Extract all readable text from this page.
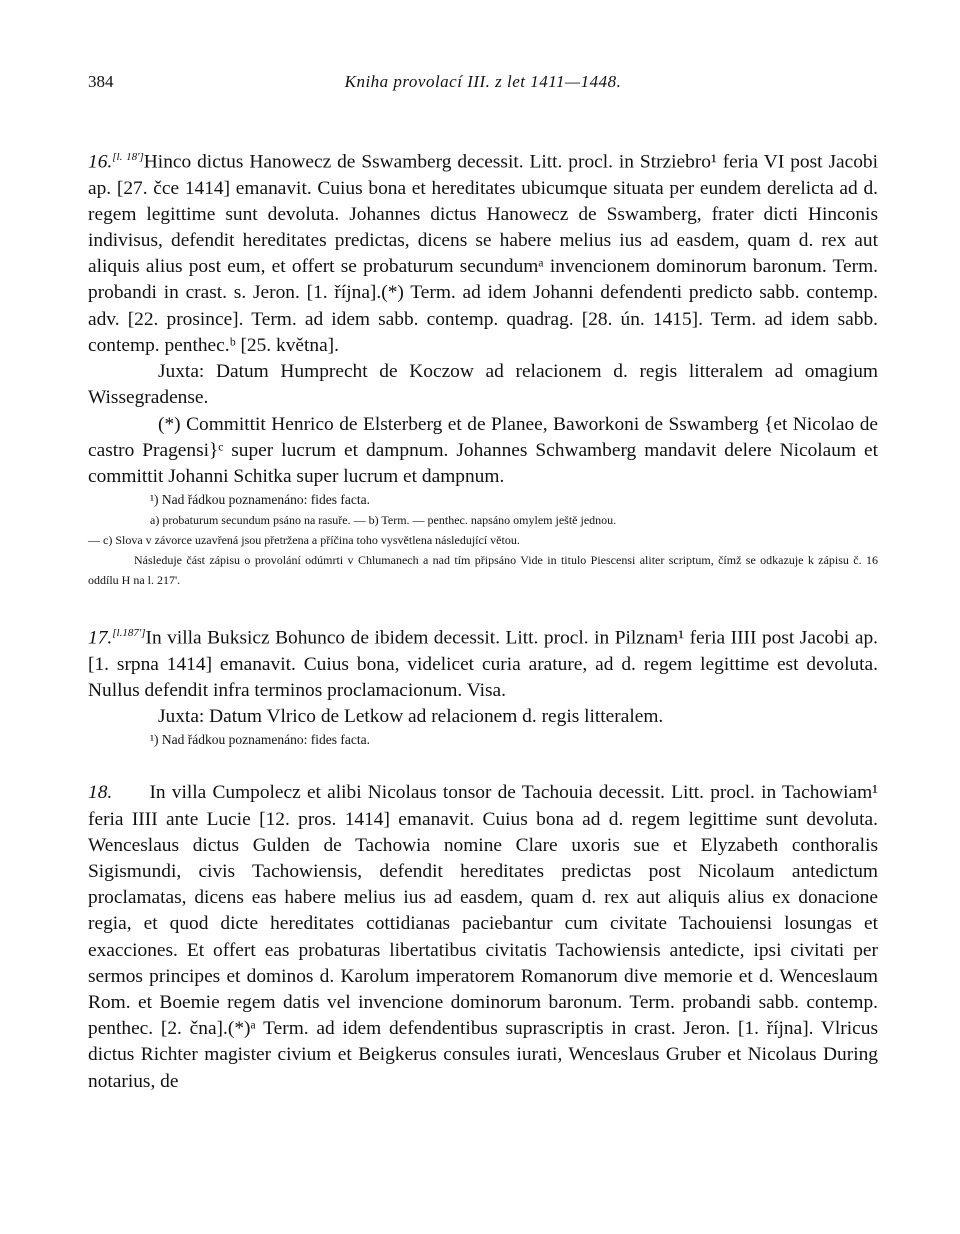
384	Kniha provolací III. z let 1411—1448.

16.[l. 18']Hinco dictus Hanowecz de Sswamberg decessit. Litt. procl. in Strziebro¹ feria VI post Jacobi ap. [27. čce 1414] emanavit. Cuius bona et hereditates ubicumque situata per eundem derelicta ad d. regem legittime sunt devoluta. Johannes dictus Hanowecz de Sswamberg, frater dicti Hinconis indivisus, defendit hereditates predictas, dicens se habere melius ius ad easdem, quam d. rex aut aliquis alius post eum, et offert se probaturum secundumᵃ invencionem dominorum baronum. Term. probandi in crast. s. Jeron. [1. října].(*) Term. ad idem Johanni defendenti predicto sabb. contemp. adv. [22. prosince]. Term. ad idem sabb. contemp. quadrag. [28. ún. 1415]. Term. ad idem sabb. contemp. penthec.ᵇ [25. května].

Juxta: Datum Humprecht de Koczow ad relacionem d. regis litteralem ad omagium Wissegradense.

(*) Committit Henrico de Elsterberg et de Planee, Baworkoni de Sswamberg {et Nicolao de castro Pragensi}ᶜ super lucrum et dampnum. Johannes Schwamberg mandavit delere Nicolaum et committit Johanni Schitka super lucrum et dampnum.

¹) Nad řádkou poznamenáno: fides facta.

a) probaturum secundum psáno na rasuře. — b) Term. — penthec. napsáno omylem ještě jednou.

— c) Slova v závorce uzavřená jsou přetržena a příčina toho vysvětlena následující větou.

Následuje část zápisu o provolání odúmrti v Chlumanech a nad tím připsáno Vide in titulo Piescensi aliter scriptum, čímž se odkazuje k zápisu č. 16 oddílu H na l. 217'.

17.[l.187']In villa Buksicz Bohunco de ibidem decessit. Litt. procl. in Pilznam¹ feria IIII post Jacobi ap. [1. srpna 1414] emanavit. Cuius bona, videlicet curia arature, ad d. regem legittime est devoluta. Nullus defendit infra terminos proclamacionum. Visa.

Juxta: Datum Vlrico de Letkow ad relacionem d. regis litteralem.

¹) Nad řádkou poznamenáno: fides facta.

18. In villa Cumpolecz et alibi Nicolaus tonsor de Tachouia decessit. Litt. procl. in Tachowiam¹ feria IIII ante Lucie [12. pros. 1414] emanavit. Cuius bona ad d. regem legittime sunt devoluta. Wenceslaus dictus Gulden de Tachowia nomine Clare uxoris sue et Elyzabeth conthoralis Sigismundi, civis Tachowiensis, defendit hereditates predictas post Nicolaum antedictum proclamatas, dicens eas habere melius ius ad easdem, quam d. rex aut aliquis alius ex donacione regia, et quod dicte hereditates cottidianas paciebantur cum civitate Tachouiensi losungas et exacciones. Et offert eas probaturas libertatibus civitatis Tachowiensis antedicte, ipsi civitati per sermos principes et dominos d. Karolum imperatorem Romanorum dive memorie et d. Wenceslaum Rom. et Boemie regem datis vel invencione dominorum baronum. Term. probandi sabb. contemp. penthec. [2. čna].(*)ᵃ Term. ad idem defendentibus suprascriptis in crast. Jeron. [1. října]. Vlricus dictus Richter magister civium et Beigkerus consules iurati, Wenceslaus Gruber et Nicolaus During notarius, de
